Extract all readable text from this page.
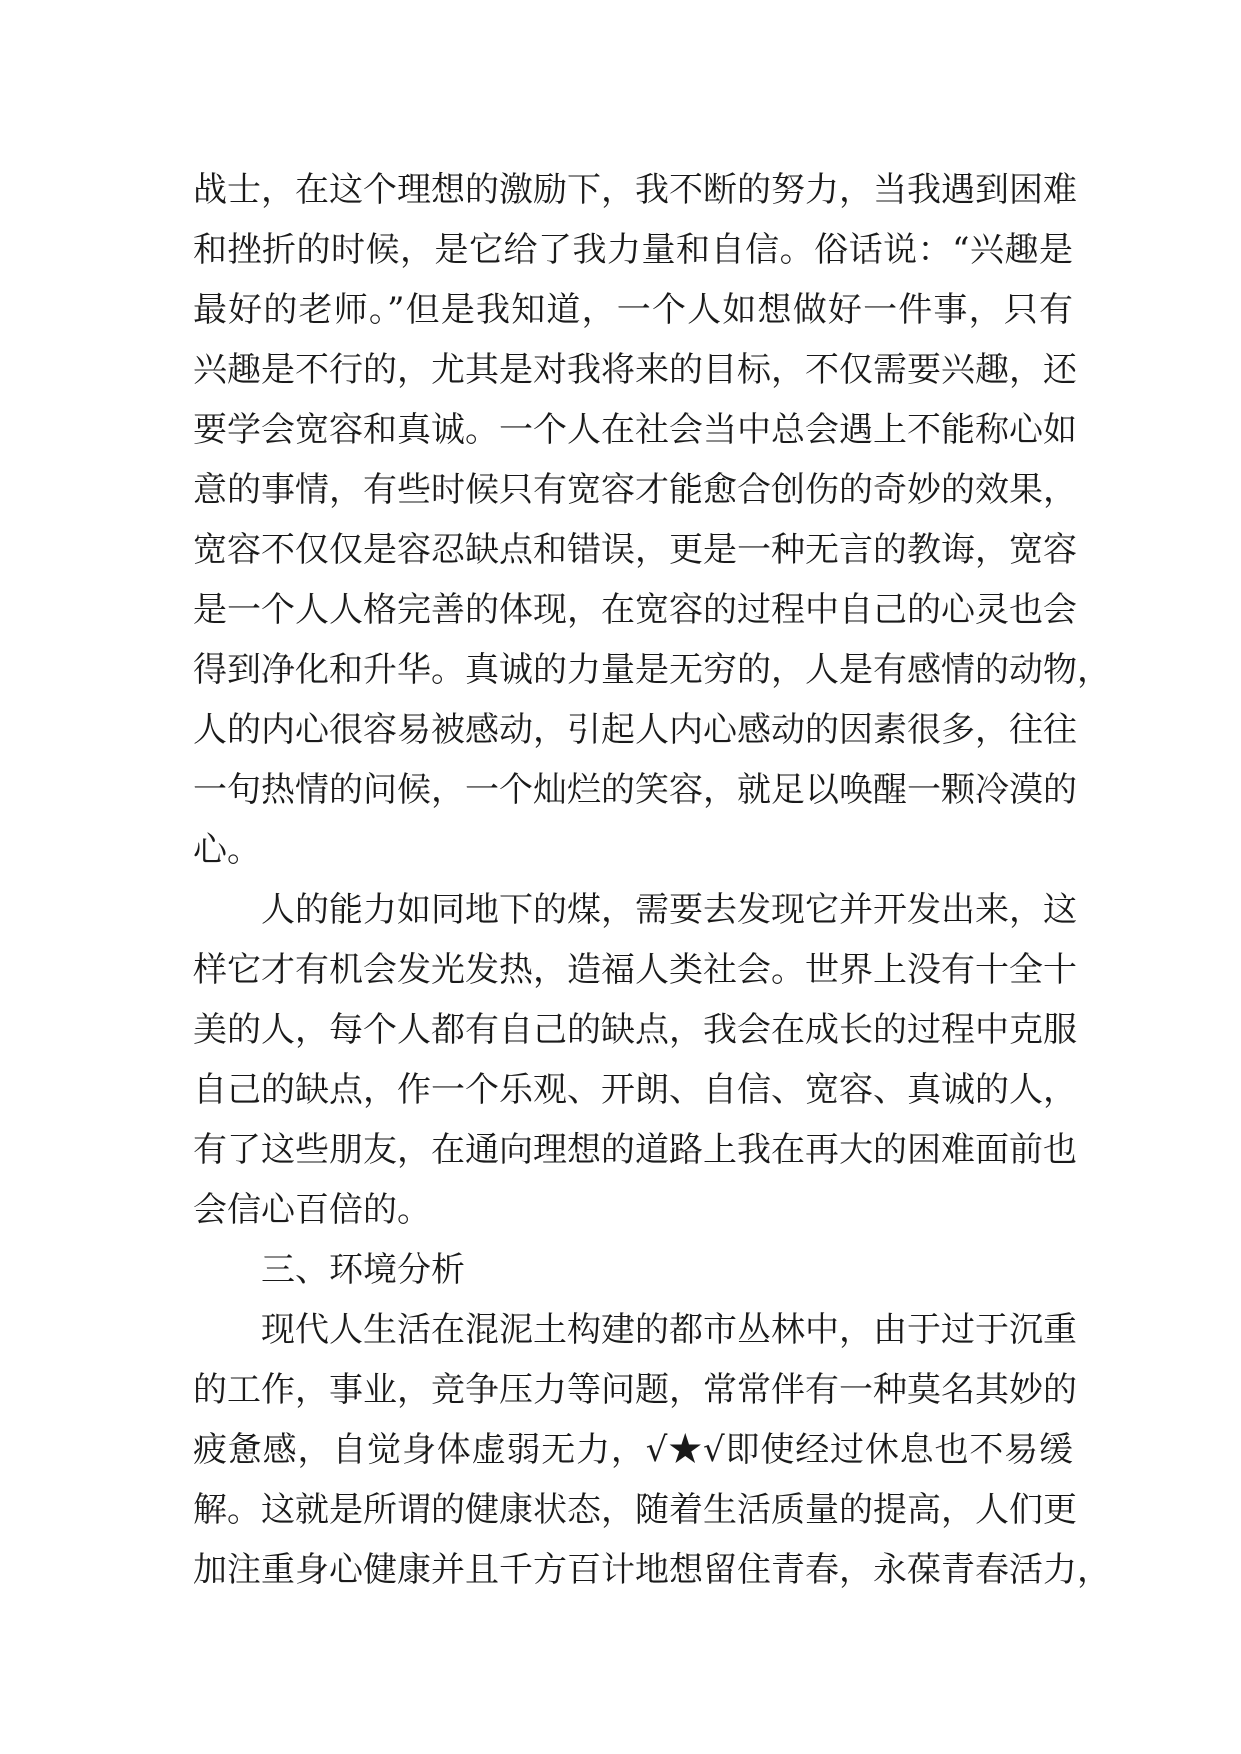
战士，在这个理想的激励下，我不断的努力，当我遇到困难
和挫折的时候，是它给了我力量和自信。俗话说：“兴趣是
最好的老师。”但是我知道，一个人如想做好一件事，只有
兴趣是不行的，尤其是对我将来的目标，不仅需要兴趣，还
要学会宽容和真诚。一个人在社会当中总会遇上不能称心如
意的事情，有些时候只有宽容才能愈合创伤的奇妙的效果，
宽容不仅仅是容忍缺点和错误，更是一种无言的教诲，宽容
是一个人人格完善的体现，在宽容的过程中自己的心灵也会
得到净化和升华。真诚的力量是无穷的，人是有感情的动物，
人的内心很容易被感动，引起人内心感动的因素很多，往往
一句热情的问候，一个灿烂的笑容，就足以唤醒一颗冷漠的
心。
人的能力如同地下的煤，需要去发现它并开发出来，这
样它才有机会发光发热，造福人类社会。世界上没有十全十
美的人，每个人都有自己的缺点，我会在成长的过程中克服
自己的缺点，作一个乐观、开朗、自信、宽容、真诚的人，
有了这些朋友，在通向理想的道路上我在再大的困难面前也
会信心百倍的。
三、环境分析
现代人生活在混泥土构建的都市丛林中，由于过于沉重
的工作，事业，竞争压力等问题，常常伴有一种莫名其妙的
疲惫感，自觉身体虚弱无力，√★√即使经过休息也不易缓
解。这就是所谓的健康状态，随着生活质量的提高，人们更
加注重身心健康并且千方百计地想留住青春，永葆青春活力，
